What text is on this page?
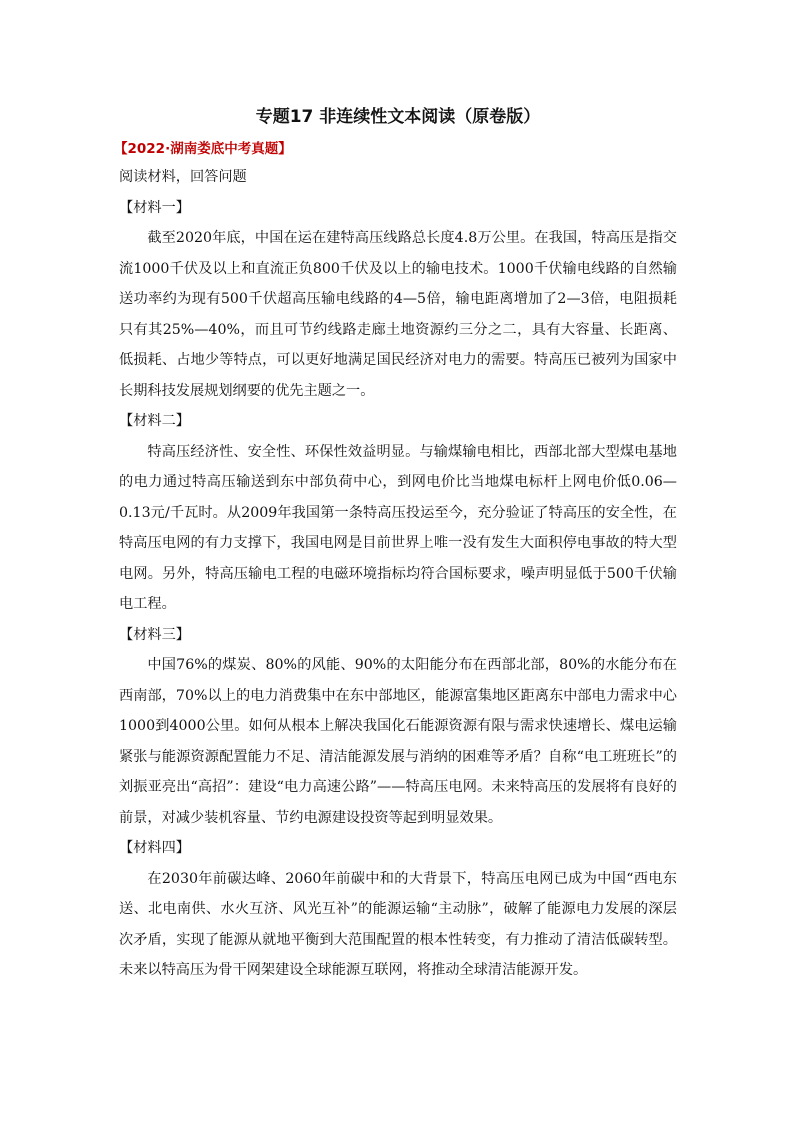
专题17 非连续性文本阅读（原卷版）
【2022·湖南娄底中考真题】
阅读材料，回答问题
【材料一】

截至2020年底，中国在运在建特高压线路总长度4.8万公里。在我国，特高压是指交流1000千伏及以上和直流正负800千伏及以上的输电技术。1000千伏输电线路的自然输送功率约为现有500千伏超高压输电线路的4—5倍，输电距离增加了2—3倍，电阻损耗只有其25%—40%，而且可节约线路走廊土地资源约三分之二，具有大容量、长距离、低损耗、占地少等特点，可以更好地满足国民经济对电力的需要。特高压已被列为国家中长期科技发展规划纲要的优先主题之一。

【材料二】

特高压经济性、安全性、环保性效益明显。与输煤输电相比，西部北部大型煤电基地的电力通过特高压输送到东中部负荷中心，到网电价比当地煤电标杆上网电价低0.06—0.13元/千瓦时。从2009年我国第一条特高压投运至今，充分验证了特高压的安全性，在特高压电网的有力支撑下，我国电网是目前世界上唯一没有发生大面积停电事故的特大型电网。另外，特高压输电工程的电磁环境指标均符合国标要求，噪声明显低于500千伏输电工程。

【材料三】

中国76%的煤炭、80%的风能、90%的太阳能分布在西部北部，80%的水能分布在西南部，70%以上的电力消费集中在东中部地区，能源富集地区距离东中部电力需求中心1000到4000公里。如何从根本上解决我国化石能源资源有限与需求快速增长、煤电运输紧张与能源资源配置能力不足、清洁能源发展与消纳的困难等矛盾？自称“电工班班长”的刘振亚亮出“高招”：建设“电力高速公路”——特高压电网。未来特高压的发展将有良好的前景，对减少装机容量、节约电源建设投资等起到明显效果。

【材料四】

在2030年前碳达峰、2060年前碳中和的大背景下，特高压电网已成为中国“西电东送、北电南供、水火互济、风光互补”的能源运输“主动脉”，破解了能源电力发展的深层次矛盾，实现了能源从就地平衡到大范围配置的根本性转变，有力推动了清洁低碳转型。未来以特高压为骨干网架建设全球能源互联网，将推动全球清洁能源开发。
